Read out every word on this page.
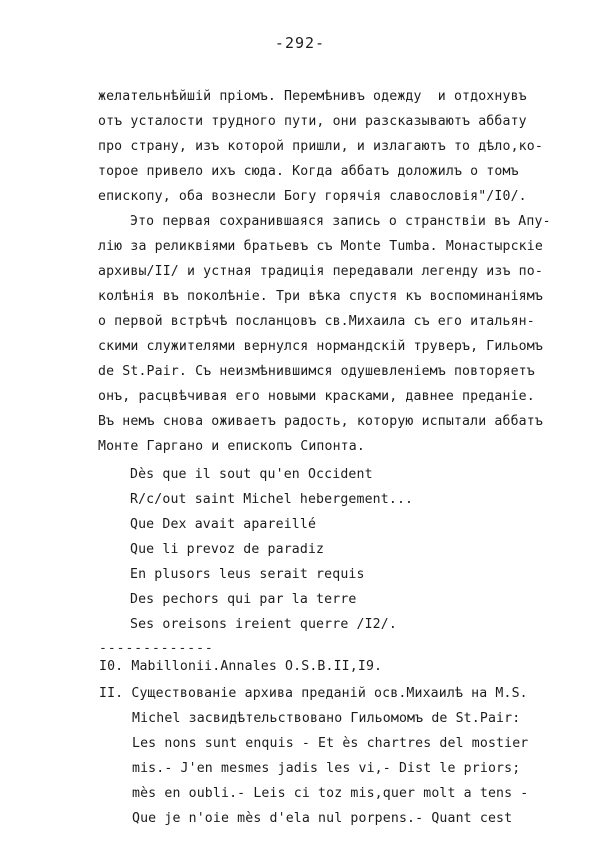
-292-
желательнѣйшiй прiомъ. Перемѣнивъ одежду  и отдохнувъ
отъ усталости трудного пути, они разсказываютъ аббату
про страну, изъ которой пришли, и излагаютъ то дѣло,ко-
торое привело ихъ сюда. Когда аббатъ доложилъ о томъ
епископу, оба вознесли Богу горячiя славословiя"/I0/.
Это первая сохранившаяся запись о странствiи въ Апу-
лiю за реликвiями братьевъ съ Monte Tumba. Монастырскiе
архивы/II/ и устная традицiя передавали легенду изъ по-
колѣнiя въ поколѣнiе. Три вѣка спустя къ воспоминанiямъ
о первой встрѣчѣ посланцовъ св.Михаила съ его итальян-
скими служителями вернулся нормандскiй труверъ, Гильомъ
de St.Pair. Съ неизмѣнившимся одушевленiемъ повторяетъ
онъ, расцвѣчивая его новыми красками, давнее преданiе.
Въ немъ снова оживаетъ радость, которую испытали аббатъ
Монте Гаргано и епископъ Сипонта.
Dès que il sout qu'en Occident
R/c/out saint Michel hebergement...
Que Dex avait apareillé
Que li prevoz de paradiz
En plusors leus serait requis
Des pechors qui par la terre
Ses oreisons ireient querre /I2/.
-------------
I0. Mabillonii.Annales O.S.B.II,I9.
II. Существованiе архива преданiй осв.Михаилѣ на M.S.
Michel засвидѣтельствовано Гильомомъ de St.Pair:
Les nons sunt enquis - Et ès chartres del mostier
mis.- J'en mesmes jadis les vi,- Dist le priors;
mès en oubli.- Leis ci toz mis,quer molt a tens -
Que je n'oie mès d'ela nul porpens.- Quant cest
